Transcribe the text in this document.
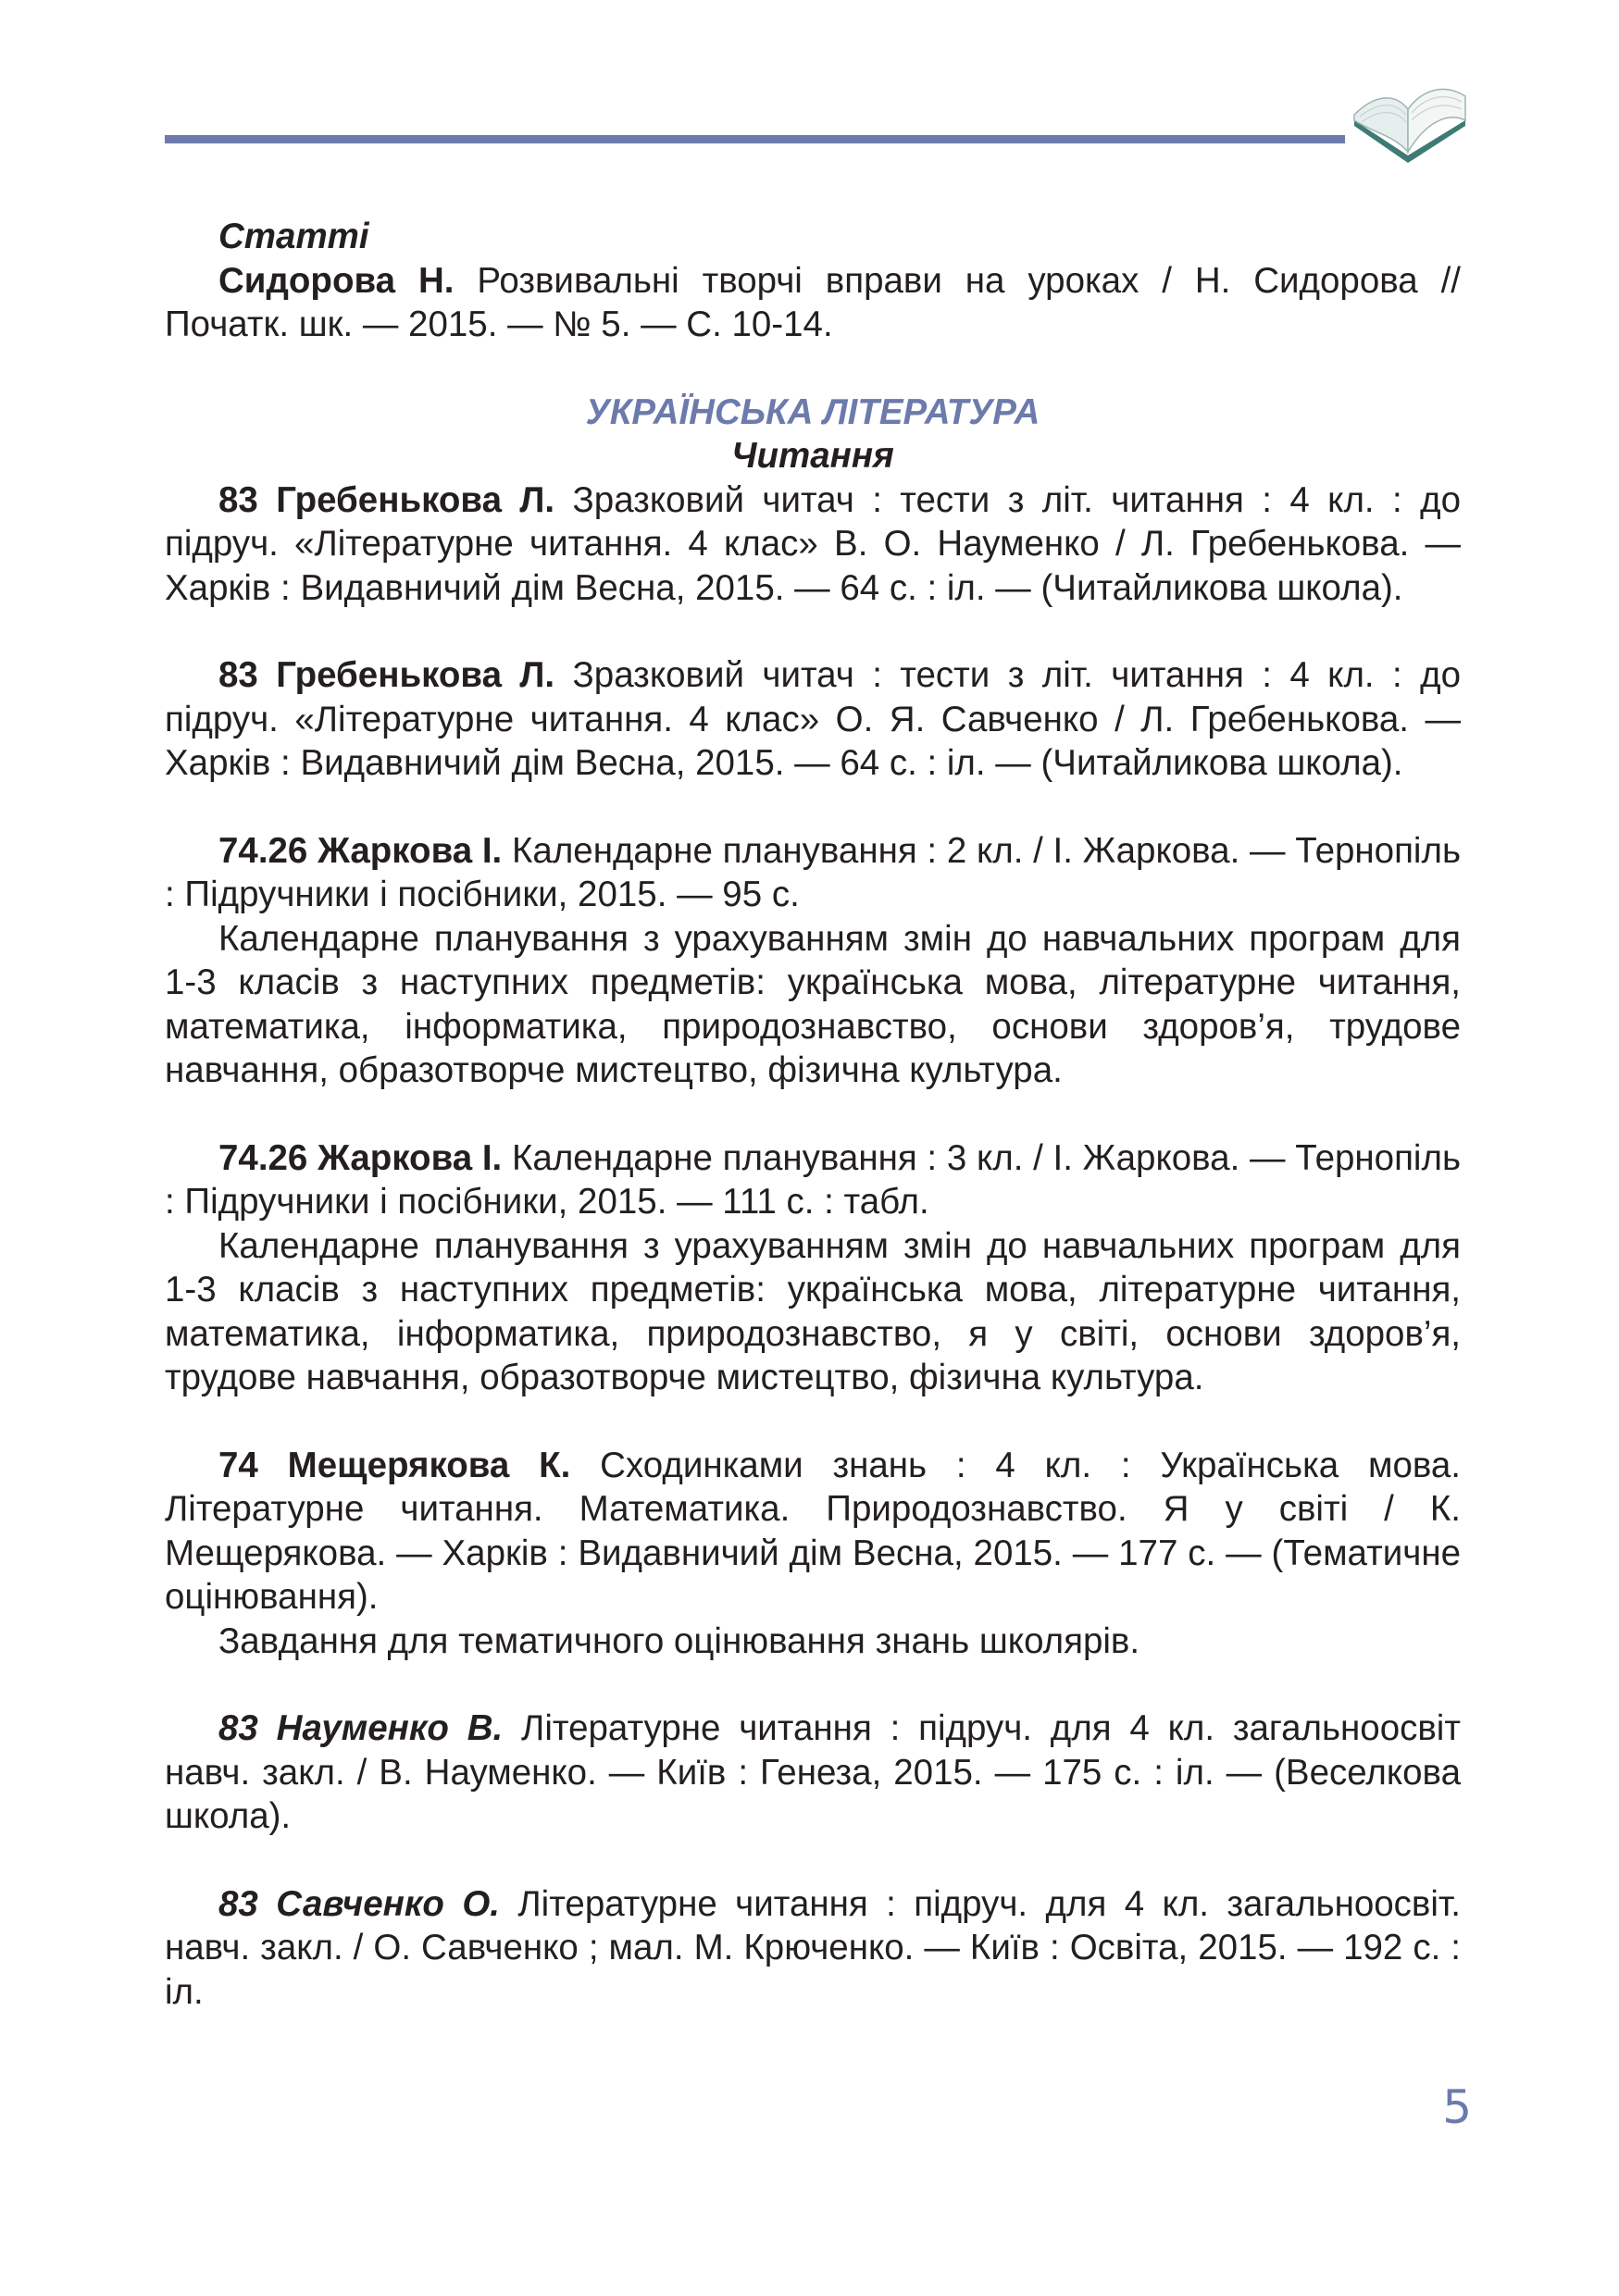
Статті

Сидорова Н. Розвивальні творчі вправи на уроках / Н. Сидорова // Початк. шк. — 2015. — № 5. — С. 10-14.

УКРАЇНСЬКА ЛІТЕРАТУРА

Читання

83 Гребенькова Л. Зразковий читач : тести з літ. читання : 4 кл. : до підруч. «Літературне читання. 4 клас» В. О. Науменко / Л. Гребенькова. — Харків : Видавничий дім Весна, 2015. — 64 с. : іл. — (Читайликова школа).

83 Гребенькова Л. Зразковий читач : тести з літ. читання : 4 кл. : до підруч. «Літературне читання. 4 клас» О. Я. Савченко / Л. Гребенькова. — Харків : Видавничий дім Весна, 2015. — 64 с. : іл. — (Читайликова школа).

74.26 Жаркова І. Календарне планування : 2 кл. / І. Жаркова. — Тернопіль : Підручники і посібники, 2015. — 95 с.

Календарне планування з урахуванням змін до навчальних програм для 1-3 класів з наступних предметів: українська мова, літературне читання, математика, інформатика, природознавство, основи здоров’я, трудове навчання, образотворче мистецтво, фізична культура.

74.26 Жаркова І. Календарне планування : 3 кл. / І. Жаркова. — Тернопіль : Підручники і посібники, 2015. — 111 с. : табл.

Календарне планування з урахуванням змін до навчальних програм для 1-3 класів з наступних предметів: українська мова, літературне читання, математика, інформатика, природознавство, я у світі, основи здоров’я, трудове навчання, образотворче мистецтво, фізична культура.

74 Мещерякова К. Сходинками знань : 4 кл. : Українська мова. Літературне читання. Математика. Природознавство. Я у світі / К. Мещерякова. — Харків : Видавничий дім Весна, 2015. — 177 с. — (Тематичне оцінювання).

Завдання для тематичного оцінювання знань школярів.

83 Науменко В. Літературне читання : підруч. для 4 кл. загальноосвіт навч. закл. / В. Науменко. — Київ : Генеза, 2015. — 175 с. : іл. — (Веселкова школа).

83 Савченко О. Літературне читання : підруч. для 4 кл. загальноосвіт. навч. закл. / О. Савченко ; мал. М. Крюченко. — Київ : Освіта, 2015. — 192 с. : іл.

5
